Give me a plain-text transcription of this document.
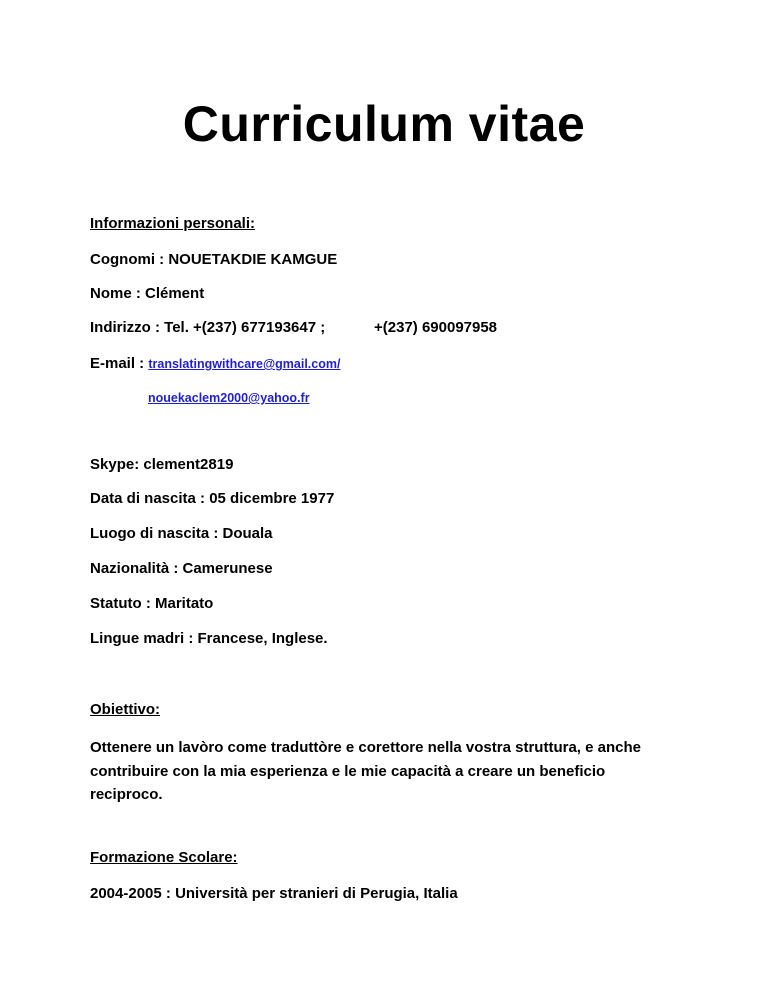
Curriculum vitae
Informazioni personali:
Cognomi : NOUETAKDIE KAMGUE
Nome : Clément
Indirizzo : Tel. +(237) 677193647 ;	+(237) 690097958
E-mail : translatingwithcare@gmail.com/
nouekaclem2000@yahoo.fr
Skype: clement2819
Data di nascita : 05 dicembre 1977
Luogo di nascita : Douala
Nazionalità : Camerunese
Statuto : Maritato
Lingue madri : Francese, Inglese.
Obiettivo:
Ottenere un lavòro come traduttòre e corettore nella vostra struttura, e anche contribuire con la mia esperienza e le mie capacità a creare un beneficio reciproco.
Formazione Scolare:
2004-2005 : Università per stranieri di Perugia, Italia
